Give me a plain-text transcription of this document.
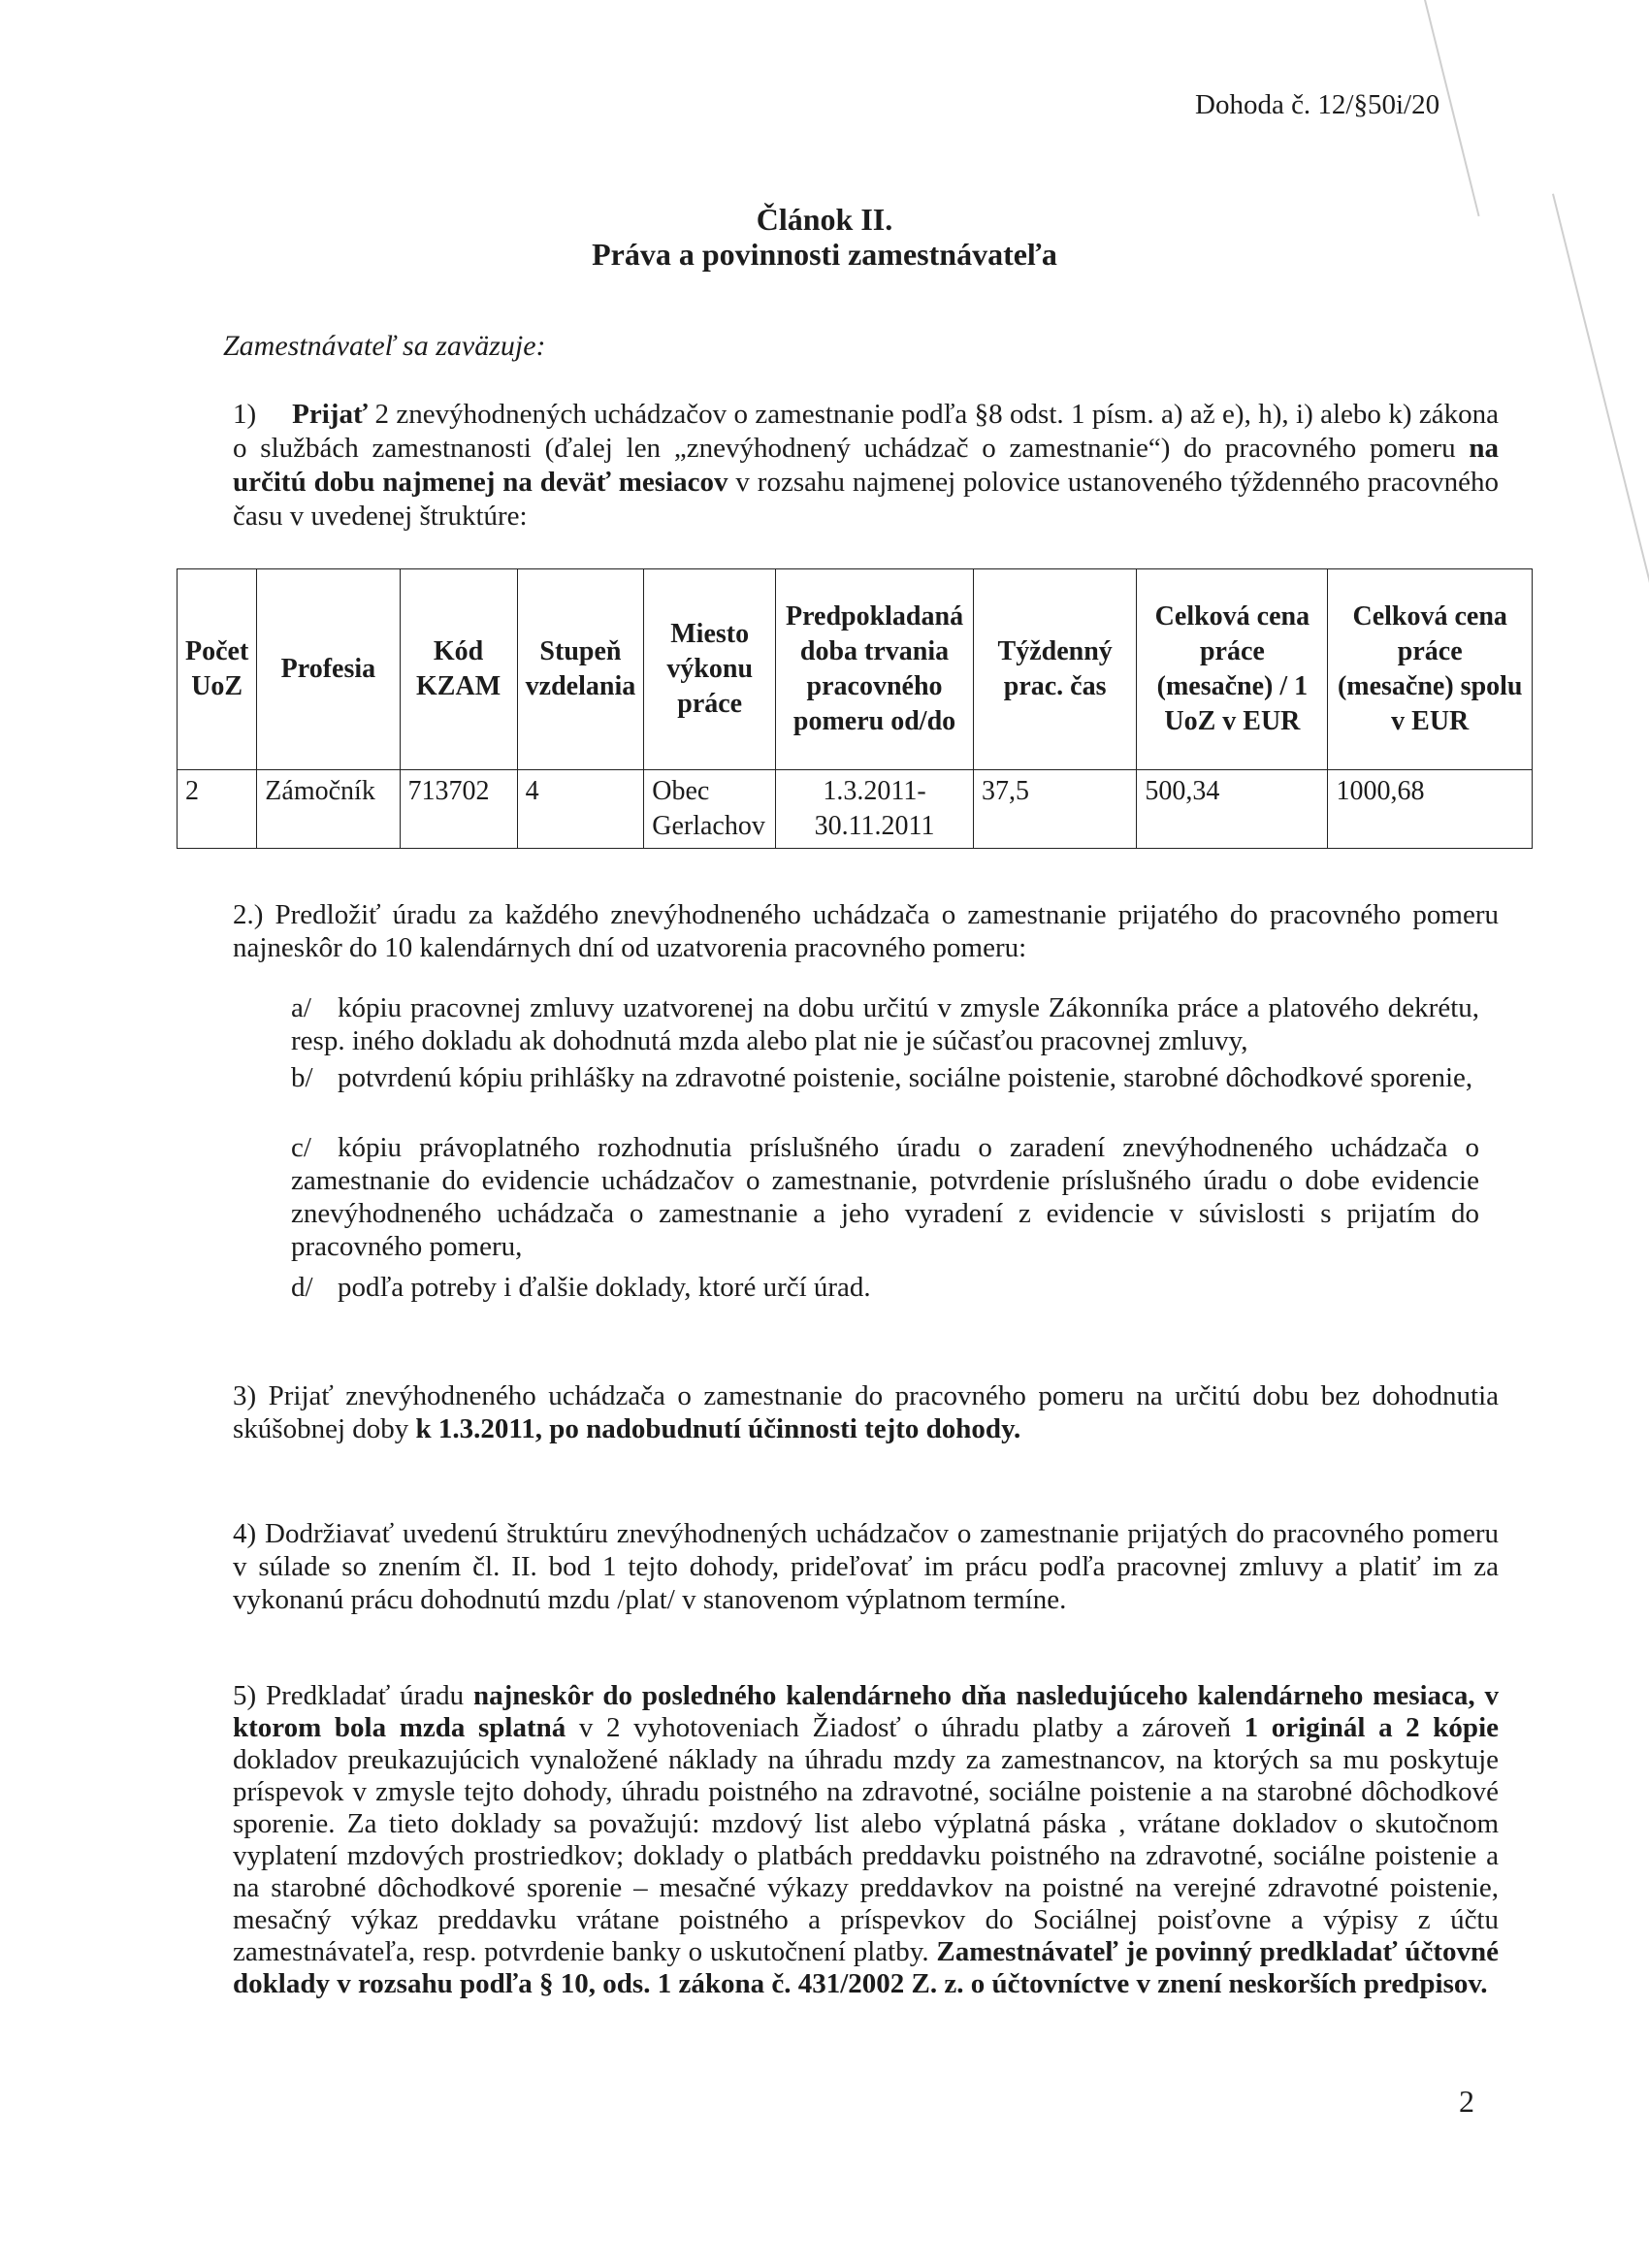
Dohoda č. 12/§50i/20
Článok II.
Práva a povinnosti zamestnávateľa
Zamestnávateľ sa zaväzuje:
1) Prijať 2 znevýhodnených uchádzačov o zamestnanie podľa §8 odst. 1 písm. a) až e), h), i) alebo k) zákona o službách zamestnanosti (ďalej len „znevýhodnený uchádzač o zamestnanie“) do pracovného pomeru na určitú dobu najmenej na deväť mesiacov v rozsahu najmenej polovice ustanoveného týždenného pracovného času v uvedenej štruktúre:
Počet UoZ	Profesia	Kód KZAM	Stupeň vzdelania	Miesto výkonu práce	Predpokladaná doba trvania pracovného pomeru od/do	Týždenný prac. čas	Celková cena práce (mesačne) / 1 UoZ v EUR	Celková cena práce (mesačne) spolu v EUR
2	Zámočník	713702	4	Obec Gerlachov	1.3.2011- 30.11.2011	37,5	500,34	1000,68
2.) Predložiť úradu za každého znevýhodneného uchádzača o zamestnanie prijatého do pracovného pomeru najneskôr do 10 kalendárnych dní od uzatvorenia pracovného pomeru:
a/ kópiu pracovnej zmluvy uzatvorenej na dobu určitú v zmysle Zákonníka práce a platového dekrétu, resp. iného dokladu ak dohodnutá mzda alebo plat nie je súčasťou pracovnej zmluvy,
b/ potvrdenú kópiu prihlášky na zdravotné poistenie, sociálne poistenie, starobné dôchodkové sporenie,
c/ kópiu právoplatného rozhodnutia príslušného úradu o zaradení znevýhodneného uchádzača o zamestnanie do evidencie uchádzačov o zamestnanie, potvrdenie príslušného úradu o dobe evidencie znevýhodneného uchádzača o zamestnanie a jeho vyradení z evidencie v súvislosti s prijatím do pracovného pomeru,
d/ podľa potreby i ďalšie doklady, ktoré určí úrad.
3) Prijať znevýhodneného uchádzača o zamestnanie do pracovného pomeru na určitú dobu bez dohodnutia skúšobnej doby k 1.3.2011, po nadobudnutí účinnosti tejto dohody.
4) Dodržiavať uvedenú štruktúru znevýhodnených uchádzačov o zamestnanie prijatých do pracovného pomeru v súlade so znením čl. II. bod 1 tejto dohody, prideľovať im prácu podľa pracovnej zmluvy a platiť im za vykonanú prácu dohodnutú mzdu /plat/ v stanovenom výplatnom termíne.
5) Predkladať úradu najneskôr do posledného kalendárneho dňa nasledujúceho kalendárneho mesiaca, v ktorom bola mzda splatná v 2 vyhotoveniach Žiadosť o úhradu platby a zároveň 1 originál a 2 kópie dokladov preukazujúcich vynaložené náklady na úhradu mzdy za zamestnancov, na ktorých sa mu poskytuje príspevok v zmysle tejto dohody, úhradu poistného na zdravotné, sociálne poistenie a na starobné dôchodkové sporenie. Za tieto doklady sa považujú: mzdový list alebo výplatná páska , vrátane dokladov o skutočnom vyplatení mzdových prostriedkov; doklady o platbách preddavku poistného na zdravotné, sociálne poistenie a na starobné dôchodkové sporenie – mesačné výkazy preddavkov na poistné na verejné zdravotné poistenie, mesačný výkaz preddavku vrátane poistného a príspevkov do Sociálnej poisťovne a výpisy z účtu zamestnávateľa, resp. potvrdenie banky o uskutočnení platby. Zamestnávateľ je povinný predkladať účtovné doklady v rozsahu podľa § 10, ods. 1 zákona č. 431/2002 Z. z. o účtovníctve v znení neskorších predpisov.
2
